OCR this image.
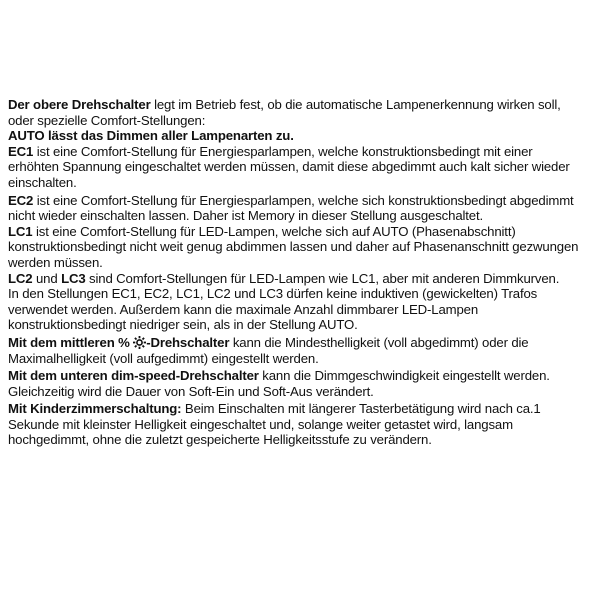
Der obere Drehschalter legt im Betrieb fest, ob die automatische Lampenerkennung wirken soll, oder spezielle Comfort-Stellungen:

AUTO lässt das Dimmen aller Lampenarten zu.

EC1 ist eine Comfort-Stellung für Energiesparlampen, welche konstruktionsbedingt mit einer erhöhten Spannung eingeschaltet werden müssen, damit diese abgedimmt auch kalt sicher wieder einschalten.

EC2 ist eine Comfort-Stellung für Energiesparlampen, welche sich konstruktionsbedingt abgedimmt nicht wieder einschalten lassen. Daher ist Memory in dieser Stellung ausgeschaltet.

LC1 ist eine Comfort-Stellung für LED-Lampen, welche sich auf AUTO (Phasenabschnitt) konstruktionsbedingt nicht weit genug abdimmen lassen und daher auf Phasenanschnitt gezwungen werden müssen.

LC2 und LC3 sind Comfort-Stellungen für LED-Lampen wie LC1, aber mit anderen Dimmkurven.

In den Stellungen EC1, EC2, LC1, LC2 und LC3 dürfen keine induktiven (gewickelten) Trafos verwendet werden. Außerdem kann die maximale Anzahl dimmbarer LED-Lampen konstruktionsbedingt niedriger sein, als in der Stellung AUTO.

Mit dem mittleren %
-Drehschalter kann die Mindesthelligkeit (voll abgedimmt) oder die Maximalhelligkeit (voll aufgedimmt) eingestellt werden.

Mit dem unteren dim-speed-Drehschalter kann die Dimmgeschwindigkeit eingestellt werden. Gleichzeitig wird die Dauer von Soft-Ein und Soft-Aus verändert.

Mit Kinderzimmerschaltung: Beim Einschalten mit längerer Tasterbetätigung wird nach ca.1 Sekunde mit kleinster Helligkeit eingeschaltet und, solange weiter getastet wird, langsam hochgedimmt, ohne die zuletzt gespeicherte Helligkeitsstufe zu verändern.
